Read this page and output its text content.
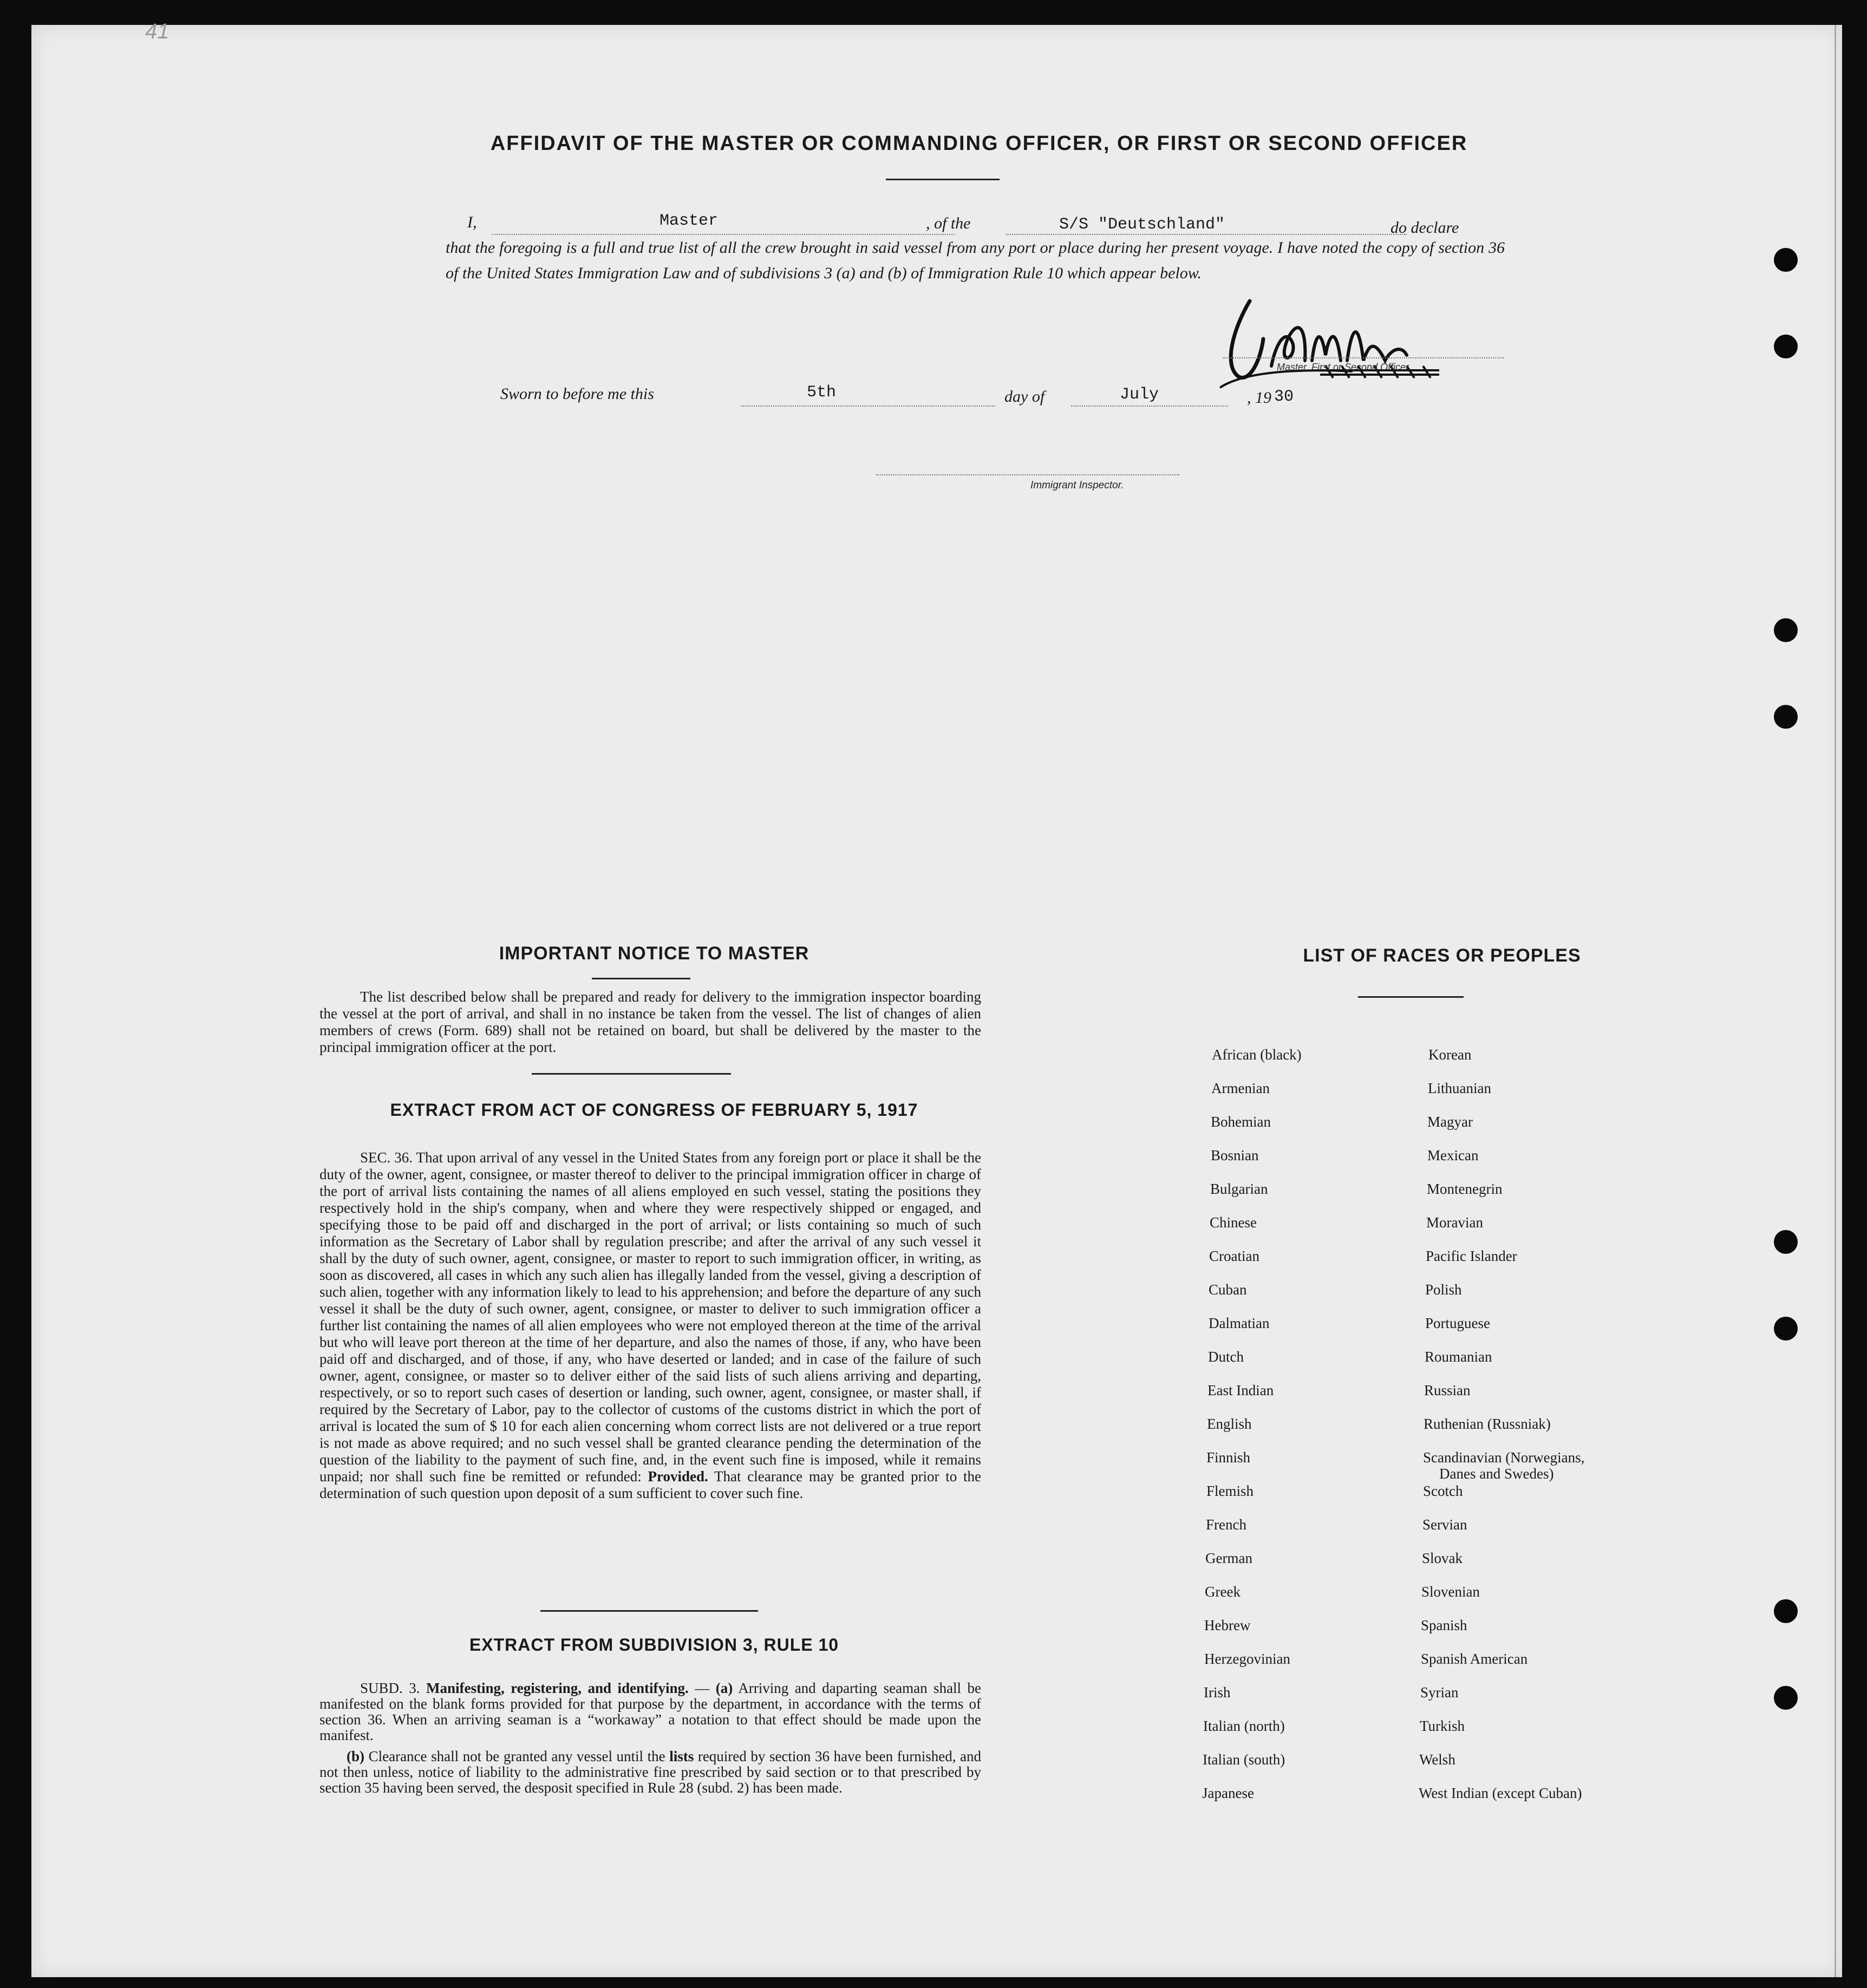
41
AFFIDAVIT OF THE MASTER OR COMMANDING OFFICER, OR FIRST OR SECOND OFFICER
I,	Master	, of the	S/S "Deutschland"	do declare
that the foregoing is a full and true list of all the crew brought in said vessel from any port or place during her present voyage. I have noted the copy of section 36 of the United States Immigration Law and of subdivisions 3 (a) and (b) of Immigration Rule 10 which appear below.
Master, First or Second Officer.
Sworn to before me this	5th	day of	July	, 19 30
Immigrant Inspector.
IMPORTANT NOTICE TO MASTER
The list described below shall be prepared and ready for delivery to the immigration inspector boarding the vessel at the port of arrival, and shall in no instance be taken from the vessel. The list of changes of alien members of crews (Form. 689) shall not be retained on board, but shall be delivered by the master to the principal immigration officer at the port.
EXTRACT FROM ACT OF CONGRESS OF FEBRUARY 5, 1917
SEC. 36. That upon arrival of any vessel in the United States from any foreign port or place it shall be the duty of the owner, agent, consignee, or master thereof to deliver to the principal immigration officer in charge of the port of arrival lists containing the names of all aliens employed en such vessel, stating the positions they respectively hold in the ship's company, when and where they were respectively shipped or engaged, and specifying those to be paid off and discharged in the port of arrival; or lists containing so much of such information as the Secretary of Labor shall by regulation prescribe; and after the arrival of any such vessel it shall by the duty of such owner, agent, consignee, or master to report to such immigration officer, in writing, as soon as discovered, all cases in which any such alien has illegally landed from the vessel, giving a description of such alien, together with any information likely to lead to his apprehension; and before the departure of any such vessel it shall be the duty of such owner, agent, consignee, or master to deliver to such immigration officer a further list containing the names of all alien employees who were not employed thereon at the time of the arrival but who will leave port thereon at the time of her departure, and also the names of those, if any, who have been paid off and discharged, and of those, if any, who have deserted or landed; and in case of the failure of such owner, agent, consignee, or master so to deliver either of the said lists of such aliens arriving and departing, respectively, or so to report such cases of desertion or landing, such owner, agent, consignee, or master shall, if required by the Secretary of Labor, pay to the collector of customs of the customs district in which the port of arrival is located the sum of $ 10 for each alien concerning whom correct lists are not delivered or a true report is not made as above required; and no such vessel shall be granted clearance pending the determination of the question of the liability to the payment of such fine, and, in the event such fine is imposed, while it remains unpaid; nor shall such fine be remitted or refunded: Provided. That clearance may be granted prior to the determination of such question upon deposit of a sum sufficient to cover such fine.
EXTRACT FROM SUBDIVISION 3, RULE 10
SUBD. 3. Manifesting, registering, and identifying. — (a) Arriving and daparting seaman shall be manifested on the blank forms provided for that purpose by the department, in accordance with the terms of section 36. When an arriving seaman is a “workaway” a notation to that effect should be made upon the manifest.
(b) Clearance shall not be granted any vessel until the lists required by section 36 have been furnished, and not then unless, notice of liability to the administrative fine prescribed by said section or to that prescribed by section 35 having been served, the desposit specified in Rule 28 (subd. 2) has been made.
LIST OF RACES OR PEOPLES
African (black)
Armenian
Bohemian
Bosnian
Bulgarian
Chinese
Croatian
Cuban
Dalmatian
Dutch
East Indian
English
Finnish
Flemish
French
German
Greek
Hebrew
Herzegovinian
Irish
Italian (north)
Italian (south)
Japanese
Korean
Lithuanian
Magyar
Mexican
Montenegrin
Moravian
Pacific Islander
Polish
Portuguese
Roumanian
Russian
Ruthenian (Russniak)
Scandinavian (Norwegians,
Danes and Swedes)
Scotch
Servian
Slovak
Slovenian
Spanish
Spanish American
Syrian
Turkish
Welsh
West Indian (except Cuban)
